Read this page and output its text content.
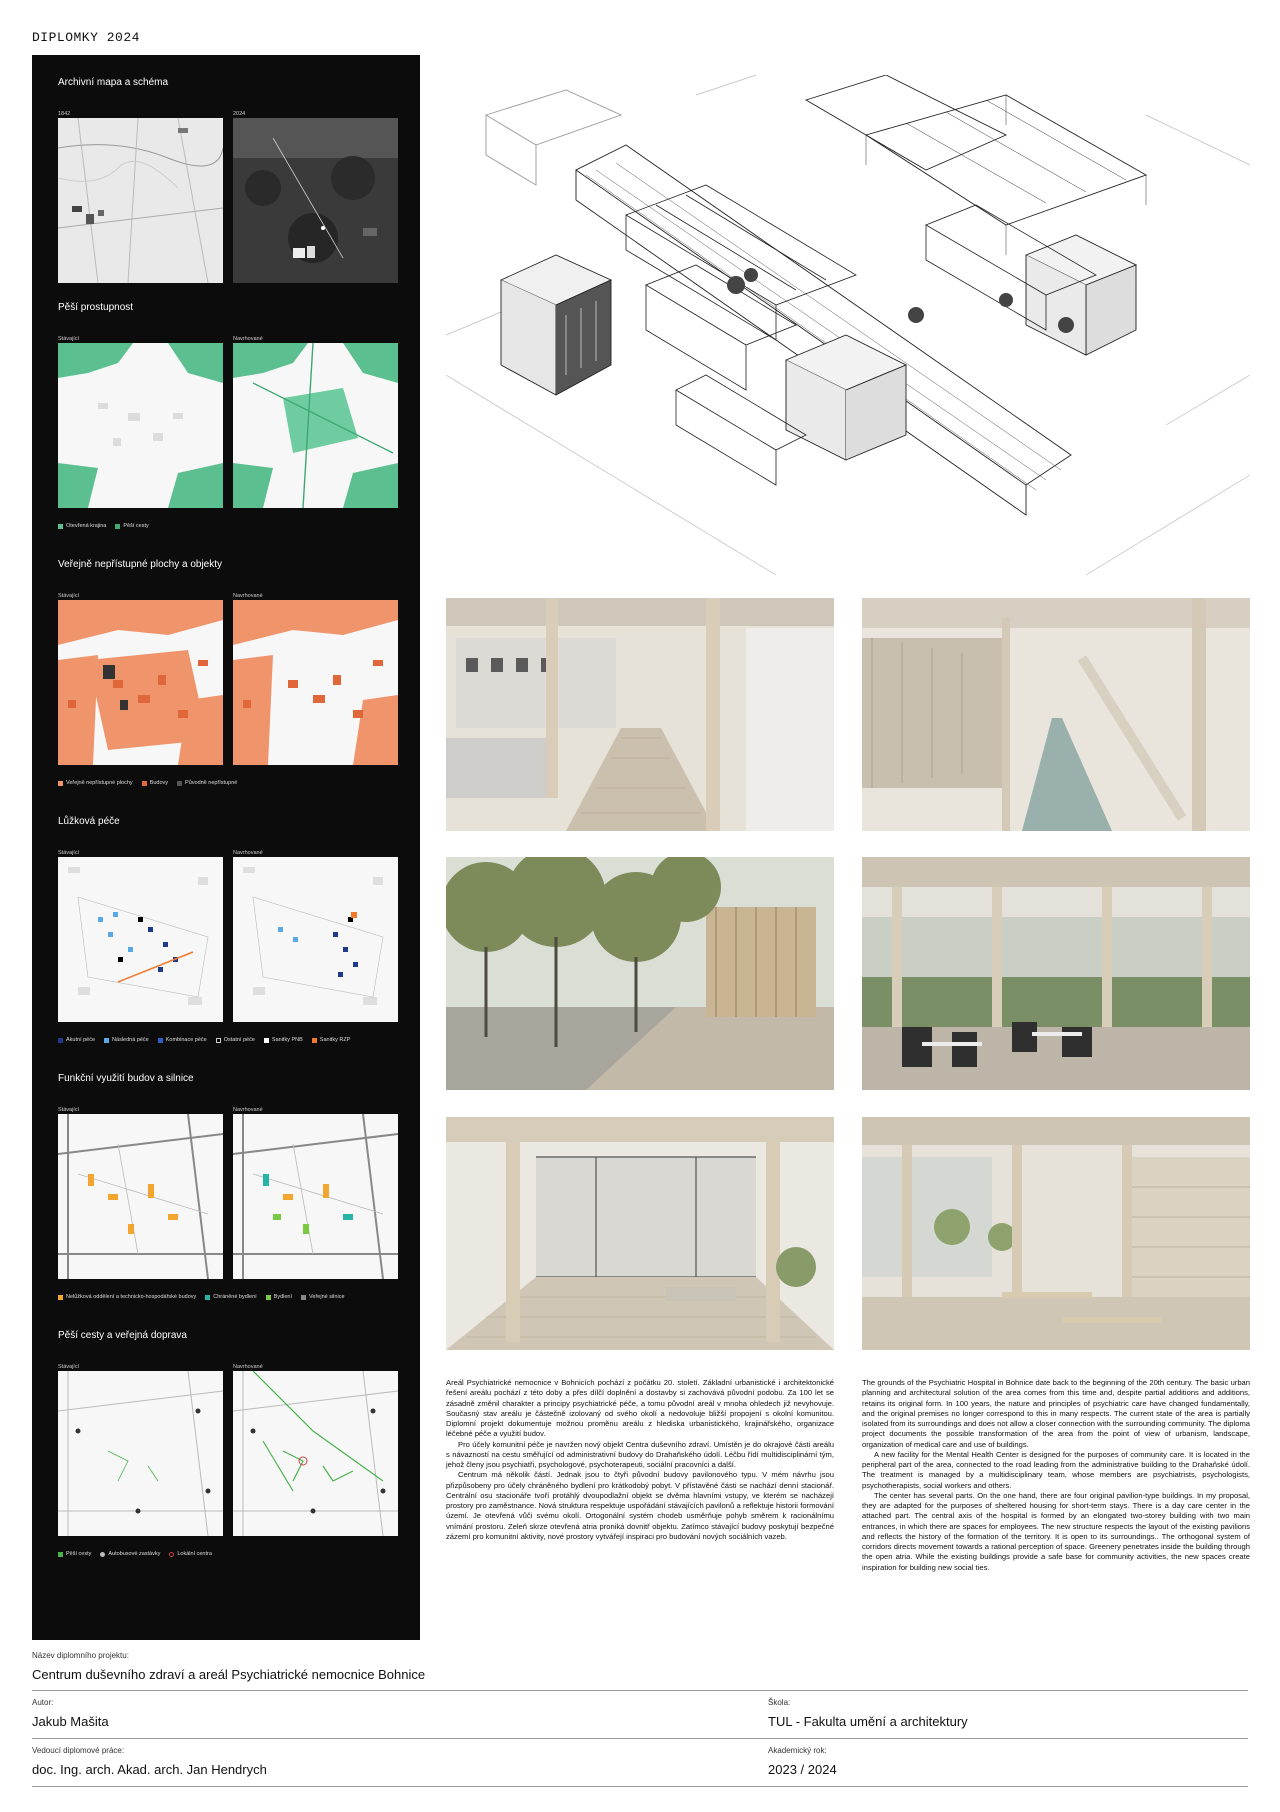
DIPLOMKY 2024
Archivní mapa a schéma
1842	2024
Pěší prostupnost
Stávající	Navrhované
Otevřená krajina	Pěší cesty
Veřejně nepřístupné plochy a objekty
Stávající	Navrhované
Veřejně nepřístupné plochy	Budovy	Původně nepřístupné
Lůžková péče
Stávající	Navrhované
Akutní péče	Následná péče	Kombinace péče	Ostatní péče	Sanitky PNB	Sanitky RZP
Funkční využití budov a silnice
Stávající	Navrhované
Nelůžková oddělení a technicko-hospodářské budovy	Chráněné bydlení	Bydlení	Veřejné silnice
Pěší cesty a veřejná doprava
Stávající	Navrhované
Pěší cesty	Autobusové zastávky	Lokální centra

Areál Psychiatrické nemocnice v Bohnicích pochází z počátku 20. století. Základní urbanistické i architektonické řešení areálu pochází z této doby a přes dílčí doplnění a dostavby si zachovává původní podobu. Za 100 let se zásadně změnil charakter a principy psychiatrické péče, a tomu původní areál v mnoha ohledech již nevyhovuje. Současný stav areálu je částečně izolovaný od svého okolí a nedovoluje bližší propojení s okolní komunitou. Diplomní projekt dokumentuje možnou proměnu areálu z hlediska urbanistického, krajinářského, organizace léčebné péče a využití budov.

Pro účely komunitní péče je navržen nový objekt Centra duševního zdraví. Umístěn je do okrajové části areálu s návazností na cestu směřující od administrativní budovy do Drahaňského údolí. Léčbu řídí multidisciplinární tým, jehož členy jsou psychiatři, psychologové, psychoterapeuti, sociální pracovníci a další.

Centrum má několik částí. Jednak jsou to čtyři původní budovy pavilonového typu. V mém návrhu jsou přizpůsobeny pro účely chráněného bydlení pro krátkodobý pobyt. V přístavěné části se nachází denní stacionář. Centrální osu stacionáře tvoří protáhlý dvoupodlažní objekt se dvěma hlavními vstupy, ve kterém se nacházejí prostory pro zaměstnance. Nová struktura respektuje uspořádání stávajících pavilonů a reflektuje historii formování území. Je otevřená vůči svému okolí. Ortogonální systém chodeb usměrňuje pohyb směrem k racionálnímu vnímání prostoru. Zeleň skrze otevřená atria proniká dovnitř objektu. Zatímco stávající budovy poskytují bezpečné zázemí pro komunitní aktivity, nové prostory vytvářejí inspiraci pro budování nových sociálních vazeb.

The grounds of the Psychiatric Hospital in Bohnice date back to the beginning of the 20th century. The basic urban planning and architectural solution of the area comes from this time and, despite partial additions and additions, retains its original form. In 100 years, the nature and principles of psychiatric care have changed fundamentally, and the original premises no longer correspond to this in many respects. The current state of the area is partially isolated from its surroundings and does not allow a closer connection with the surrounding community. The diploma project documents the possible transformation of the area from the point of view of urbanism, landscape, organization of medical care and use of buildings.

A new facility for the Mental Health Center is designed for the purposes of community care. It is located in the peripheral part of the area, connected to the road leading from the administrative building to the Drahaňské údolí. The treatment is managed by a multidisciplinary team, whose members are psychiatrists, psychologists, psychotherapists, social workers and others.

The center has several parts. On the one hand, there are four original pavilion-type buildings. In my proposal, they are adapted for the purposes of sheltered housing for short-term stays. There is a day care center in the attached part. The central axis of the hospital is formed by an elongated two-storey building with two main entrances, in which there are spaces for employees. The new structure respects the layout of the existing pavilions and reflects the history of the formation of the territory. It is open to its surroundings.. The orthogonal system of corridors directs movement towards a rational perception of space. Greenery penetrates inside the building through the open atria. While the existing buildings provide a safe base for community activities, the new spaces create inspiration for building new social ties.

Název diplomního projektu:
Centrum duševního zdraví a areál Psychiatrické nemocnice Bohnice
Autor:
Jakub Mašita
Škola:
TUL - Fakulta umění a architektury
Vedoucí diplomové práce:
doc. Ing. arch. Akad. arch. Jan Hendrych
Akademický rok:
2023 / 2024
